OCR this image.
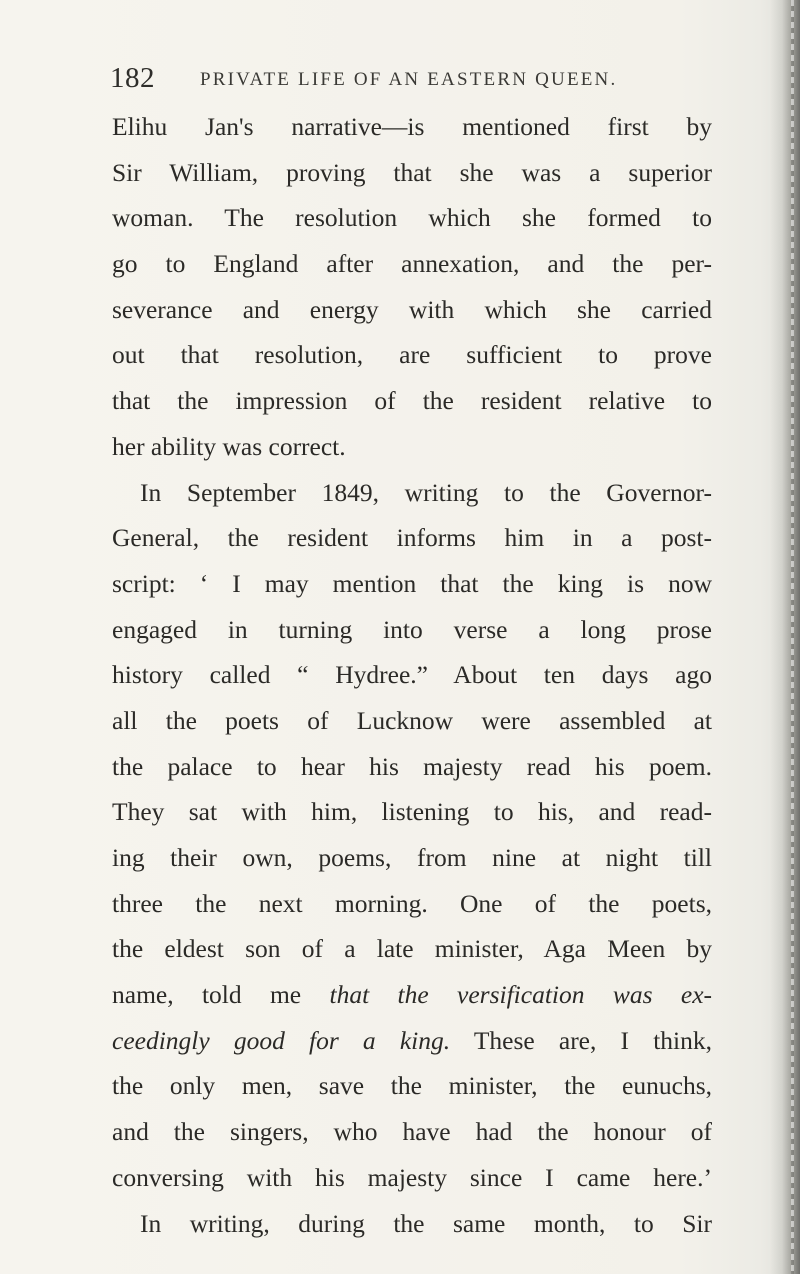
182 PRIVATE LIFE OF AN EASTERN QUEEN.
Elihu Jan's narrative—is mentioned first by
Sir William, proving that she was a superior
woman. The resolution which she formed to
go to England after annexation, and the per-
severance and energy with which she carried
out that resolution, are sufficient to prove
that the impression of the resident relative to
her ability was correct.
In September 1849, writing to the Governor-
General, the resident informs him in a post-
script: ‘ I may mention that the king is now
engaged in turning into verse a long prose
history called “ Hydree.” About ten days ago
all the poets of Lucknow were assembled at
the palace to hear his majesty read his poem.
They sat with him, listening to his, and read-
ing their own, poems, from nine at night till
three the next morning. One of the poets,
the eldest son of a late minister, Aga Meen by
name, told me that the versification was ex-
ceedingly good for a king. These are, I think,
the only men, save the minister, the eunuchs,
and the singers, who have had the honour of
conversing with his majesty since I came here.’
In writing, during the same month, to Sir
